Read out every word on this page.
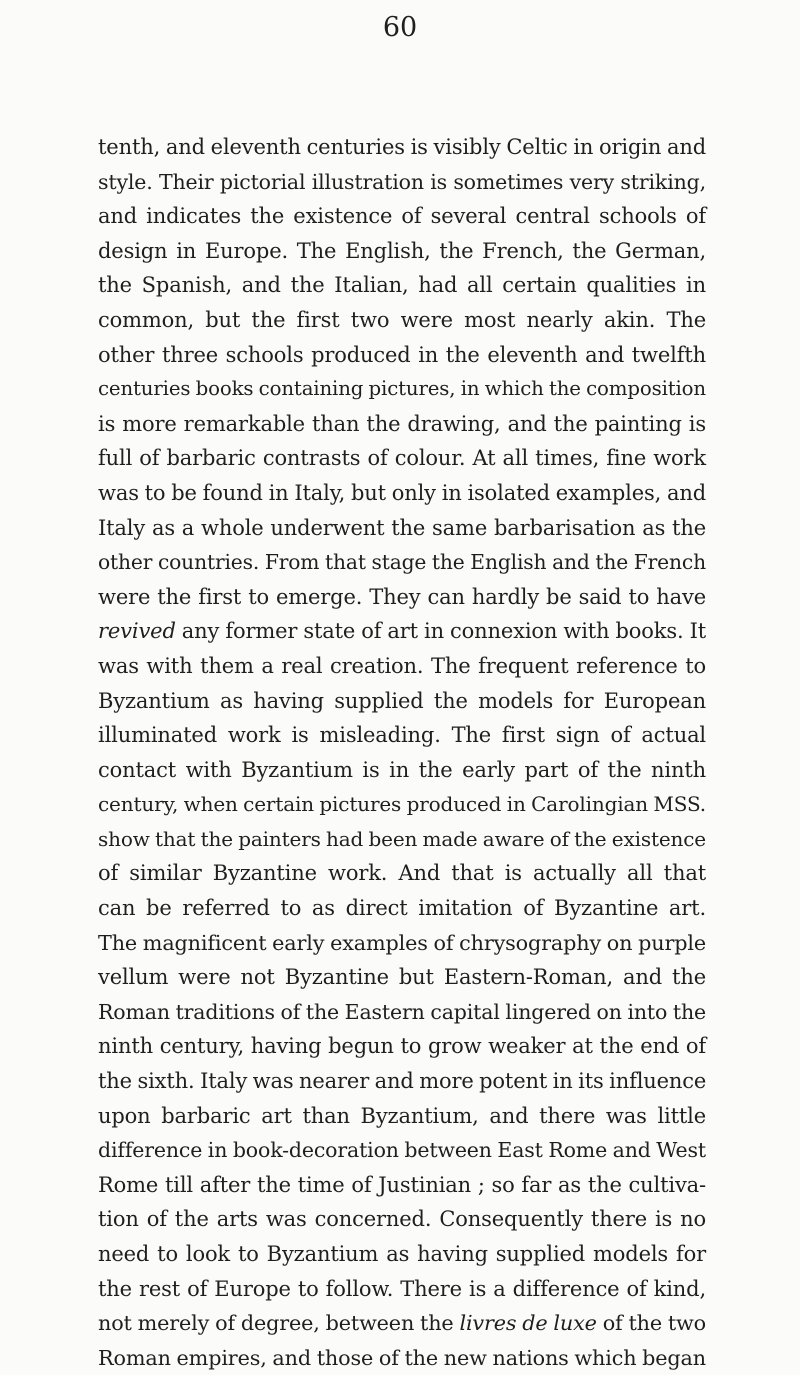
60
tenth, and eleventh centuries is visibly Celtic in origin and
style. Their pictorial illustration is sometimes very striking,
and indicates the existence of several central schools of
design in Europe. The English, the French, the German,
the Spanish, and the Italian, had all certain qualities in
common, but the first two were most nearly akin. The
other three schools produced in the eleventh and twelfth
centuries books containing pictures, in which the composition
is more remarkable than the drawing, and the painting is
full of barbaric contrasts of colour. At all times, fine work
was to be found in Italy, but only in isolated examples, and
Italy as a whole underwent the same barbarisation as the
other countries. From that stage the English and the French
were the first to emerge. They can hardly be said to have
revived any former state of art in connexion with books. It
was with them a real creation. The frequent reference to
Byzantium as having supplied the models for European
illuminated work is misleading. The first sign of actual
contact with Byzantium is in the early part of the ninth
century, when certain pictures produced in Carolingian MSS.
show that the painters had been made aware of the existence
of similar Byzantine work. And that is actually all that
can be referred to as direct imitation of Byzantine art.
The magnificent early examples of chrysography on purple
vellum were not Byzantine but Eastern-Roman, and the
Roman traditions of the Eastern capital lingered on into the
ninth century, having begun to grow weaker at the end of
the sixth. Italy was nearer and more potent in its influence
upon barbaric art than Byzantium, and there was little
difference in book-decoration between East Rome and West
Rome till after the time of Justinian ; so far as the cultiva-
tion of the arts was concerned. Consequently there is no
need to look to Byzantium as having supplied models for
the rest of Europe to follow. There is a difference of kind,
not merely of degree, between the livres de luxe of the two
Roman empires, and those of the new nations which began
